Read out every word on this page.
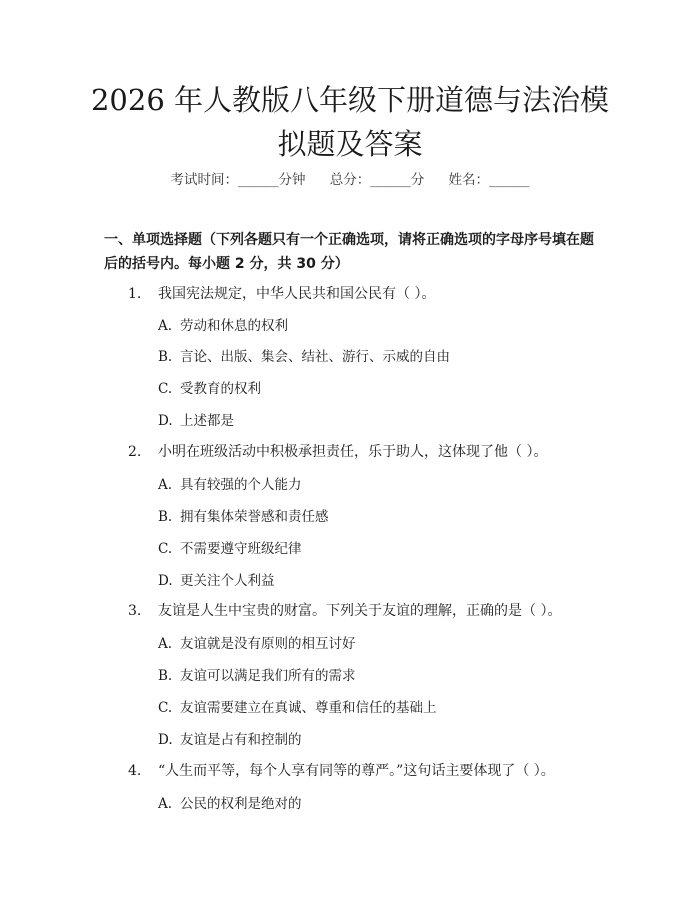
2026 年人教版八年级下册道德与法治模拟题及答案
考试时间：______分钟 总分：______分 姓名：______
一、单项选择题（下列各题只有一个正确选项，请将正确选项的字母序号填在题后的括号内。每小题 2 分，共 30 分）
1. 我国宪法规定，中华人民共和国公民有（ ）。
A. 劳动和休息的权利
B. 言论、出版、集会、结社、游行、示威的自由
C. 受教育的权利
D. 上述都是
2. 小明在班级活动中积极承担责任，乐于助人，这体现了他（ ）。
A. 具有较强的个人能力
B. 拥有集体荣誉感和责任感
C. 不需要遵守班级纪律
D. 更关注个人利益
3. 友谊是人生中宝贵的财富。下列关于友谊的理解，正确的是（ ）。
A. 友谊就是没有原则的相互讨好
B. 友谊可以满足我们所有的需求
C. 友谊需要建立在真诚、尊重和信任的基础上
D. 友谊是占有和控制的
4. “人生而平等，每个人享有同等的尊严。”这句话主要体现了（ ）。
A. 公民的权利是绝对的
